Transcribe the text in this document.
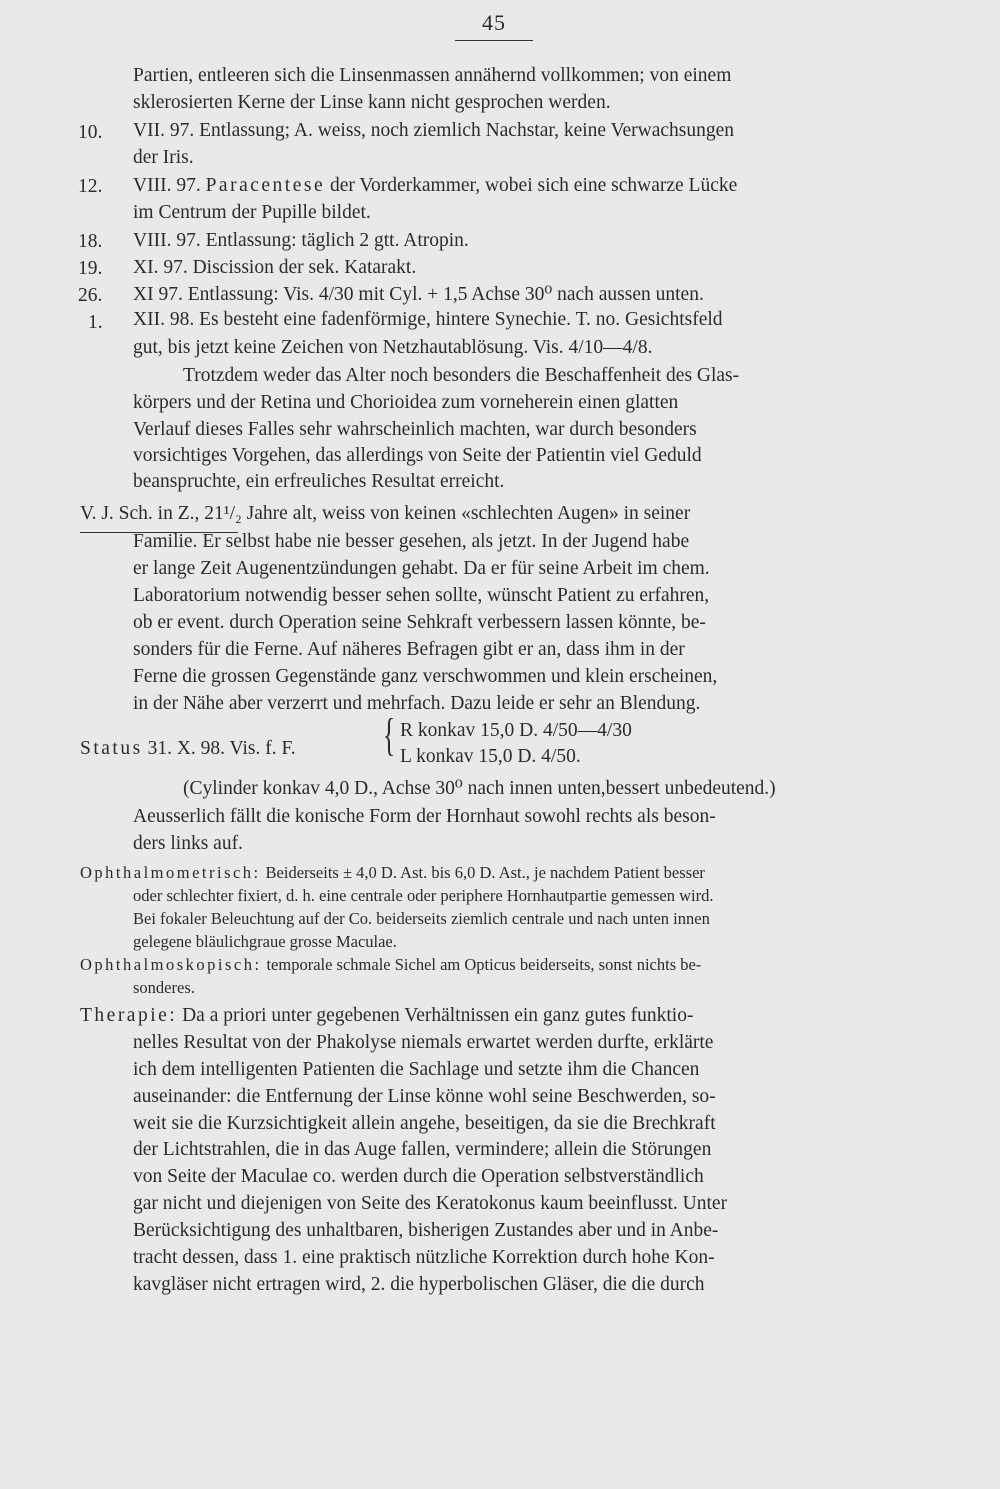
45
Partien, entleeren sich die Linsenmassen annähernd vollkommen; von einem
sklerosierten Kerne der Linse kann nicht gesprochen werden.
10. VII. 97. Entlassung; A. weiss, noch ziemlich Nachstar, keine Verwachsungen
der Iris.
12. VIII. 97. Paracentese der Vorderkammer, wobei sich eine schwarze Lücke
im Centrum der Pupille bildet.
18. VIII. 97. Entlassung: täglich 2 gtt. Atropin.
19. XI. 97. Discission der sek. Katarakt.
26. XI 97. Entlassung: Vis. 4/30 mit Cyl. + 1,5 Achse 30⁰ nach aussen unten.
1. XII. 98. Es besteht eine fadenförmige, hintere Synechie. T. no. Gesichtsfeld
gut, bis jetzt keine Zeichen von Netzhautablösung. Vis. 4/10—4/8.
Trotzdem weder das Alter noch besonders die Beschaffenheit des Glas-
körpers und der Retina und Chorioidea zum vorneherein einen glatten
Verlauf dieses Falles sehr wahrscheinlich machten, war durch besonders
vorsichtiges Vorgehen, das allerdings von Seite der Patientin viel Geduld
beanspruchte, ein erfreuliches Resultat erreicht.
V. J. Sch. in Z., 21¹/₂ Jahre alt, weiss von keinen «schlechten Augen» in seiner
Familie. Er selbst habe nie besser gesehen, als jetzt. In der Jugend habe
er lange Zeit Augenentzündungen gehabt. Da er für seine Arbeit im chem.
Laboratorium notwendig besser sehen sollte, wünscht Patient zu erfahren,
ob er event. durch Operation seine Sehkraft verbessern lassen könnte, be-
sonders für die Ferne. Auf näheres Befragen gibt er an, dass ihm in der
Ferne die grossen Gegenstände ganz verschwommen und klein erscheinen,
in der Nähe aber verzerrt und mehrfach. Dazu leide er sehr an Blendung.
Status 31. X. 98. Vis. f. F. { R konkav 15,0 D. 4/50—4/30
L konkav 15,0 D. 4/50.
(Cylinder konkav 4,0 D., Achse 30⁰ nach innen unten,bessert unbedeutend.)
Aeusserlich fällt die konische Form der Hornhaut sowohl rechts als beson-
ders links auf.
Ophthalmometrisch: Beiderseits ± 4,0 D. Ast. bis 6,0 D. Ast., je nachdem Patient besser
oder schlechter fixiert, d. h. eine centrale oder periphere Hornhautpartie gemessen wird.
Bei fokaler Beleuchtung auf der Co. beiderseits ziemlich centrale und nach unten innen
gelegene bläulichgraue grosse Maculae.
Ophthalmoskopisch: temporale schmale Sichel am Opticus beiderseits, sonst nichts be-
sonderes.
Therapie: Da a priori unter gegebenen Verhältnissen ein ganz gutes funktio-
nelles Resultat von der Phakolyse niemals erwartet werden durfte, erklärte
ich dem intelligenten Patienten die Sachlage und setzte ihm die Chancen
auseinander: die Entfernung der Linse könne wohl seine Beschwerden, so-
weit sie die Kurzsichtigkeit allein angehe, beseitigen, da sie die Brechkraft
der Lichtstrahlen, die in das Auge fallen, vermindere; allein die Störungen
von Seite der Maculae co. werden durch die Operation selbstverständlich
gar nicht und diejenigen von Seite des Keratokonus kaum beeinflusst. Unter
Berücksichtigung des unhaltbaren, bisherigen Zustandes aber und in Anbe-
tracht dessen, dass 1. eine praktisch nützliche Korrektion durch hohe Kon-
kavgläser nicht ertragen wird, 2. die hyperbolischen Gläser, die die durch
